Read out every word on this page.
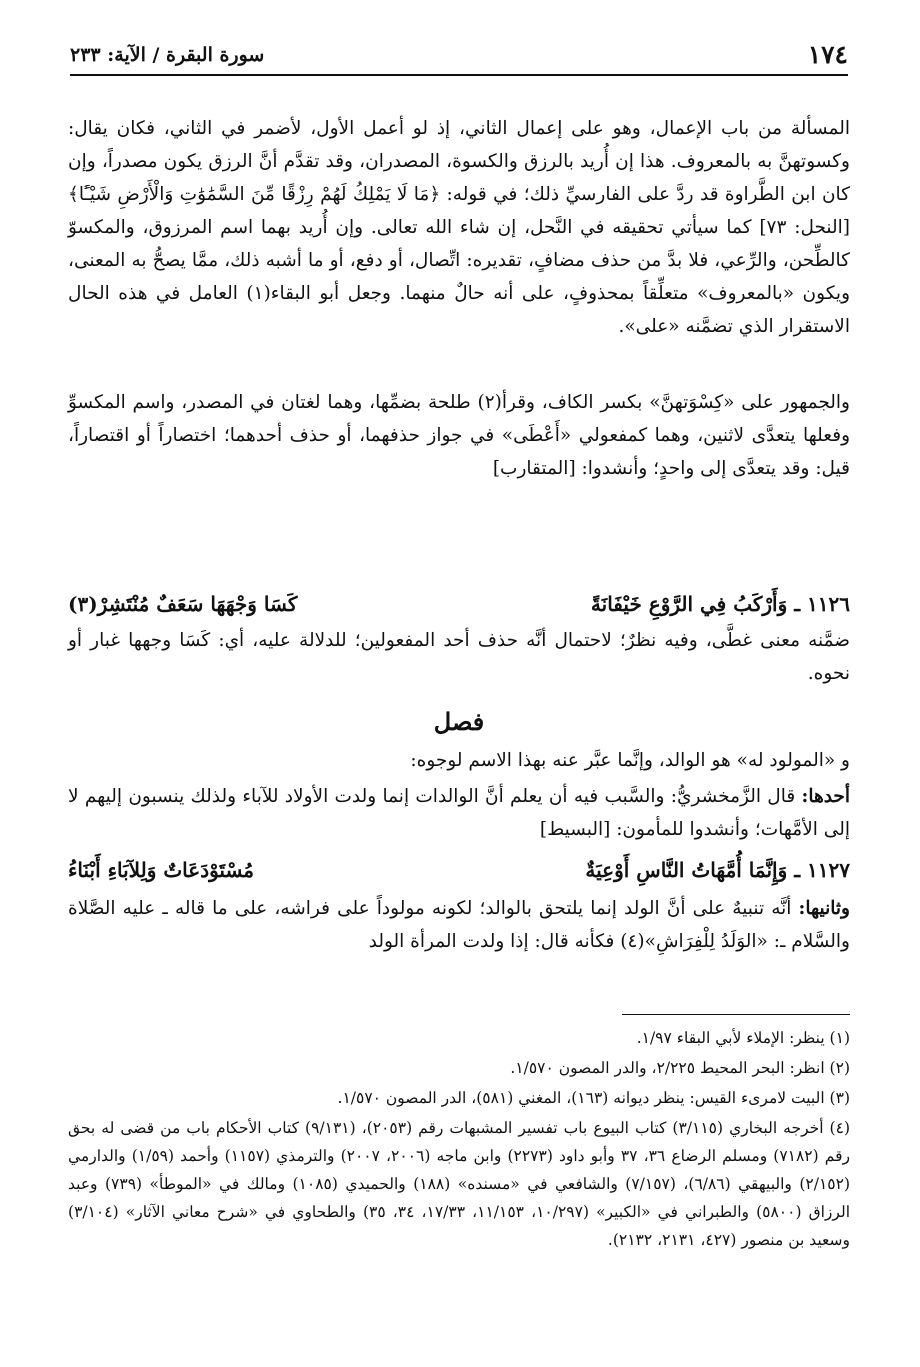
١٧٤
سورة البقرة / الآية: ٢٣٣

المسألة من باب الإعمال، وهو على إعمال الثاني، إذ لو أعمل الأول، لأضمر في الثاني، فكان يقال: وكسوتهنَّ به بالمعروف. هذا إن أُريد بالرزق والكسوة، المصدران، وقد تقدَّم أنَّ الرزق يكون مصدراً، وإن كان ابن الطَّراوة قد ردَّ على الفارسيِّ ذلك؛ في قوله: ﴿مَا لَا يَمْلِكُ لَهُمْ رِزْقًا مِّنَ السَّمَٰوَٰتِ وَالْأَرْضِ شَيْـًٔا﴾ [النحل: ٧٣] كما سيأتي تحقيقه في النَّحل، إن شاء الله تعالى. وإن أُريد بهما اسم المرزوق، والمكسوّ كالطِّحن، والرِّعي، فلا بدَّ من حذف مضافٍ، تقديره: اتِّصال، أو دفع، أو ما أشبه ذلك، ممَّا يصحُّ به المعنى، ويكون «بالمعروف» متعلِّقاً بمحذوفٍ، على أنه حالٌ منهما. وجعل أبو البقاء(١) العامل في هذه الحال الاستقرار الذي تضمَّنه «على».

والجمهور على «كِسْوَتهنَّ» بكسر الكاف، وقرأ(٢) طلحة بضمِّها، وهما لغتان في المصدر، واسم المكسوِّ وفعلها يتعدَّى لاثنين، وهما كمفعولي «أَعْطَى» في جواز حذفهما، أو حذف أحدهما؛ اختصاراً أو اقتصاراً، قيل: وقد يتعدَّى إلى واحدٍ؛ وأنشدوا: [المتقارب]

١١٢٦ ـ وَأَرْكَبُ فِي الرَّوْعِ خَيْفَانَةً
كَسَا وَجْهَهَا سَعَفٌ مُنْتَشِرْ(٣)

ضمَّنه معنى غطَّى، وفيه نظرٌ؛ لاحتمال أنَّه حذف أحد المفعولين؛ للدلالة عليه، أي: كَسَا وجهها غبار أو نحوه.

فصل

و «المولود له» هو الوالد، وإنَّما عبَّر عنه بهذا الاسم لوجوه:

أحدها: قال الزَّمخشريُّ: والسَّبب فيه أن يعلم أنَّ الوالدات إنما ولدت الأولاد للآباء ولذلك ينسبون إليهم لا إلى الأمَّهات؛ وأنشدوا للمأمون: [البسيط]

١١٢٧ ـ وَإِنَّمَا أُمَّهَاتُ النَّاسِ أَوْعِيَةٌ
مُسْتَوْدَعَاتٌ وَلِلآبَاءِ أَبْنَاءُ

وثانيها: أنَّه تنبيهٌ على أنَّ الولد إنما يلتحق بالوالد؛ لكونه مولوداً على فراشه، على ما قاله ـ عليه الصَّلاة والسَّلام ـ: «الوَلَدُ لِلْفِرَاشِ»(٤) فكأنه قال: إذا ولدت المرأة الولد

(١) ينظر: الإملاء لأبي البقاء ١/٩٧.

(٢) انظر: البحر المحيط ٢/٢٢٥، والدر المصون ١/٥٧٠.

(٣) البيت لامرىء القيس: ينظر ديوانه (١٦٣)، المغني (٥٨١)، الدر المصون ١/٥٧٠.

(٤) أخرجه البخاري (٣/١١٥) كتاب البيوع باب تفسير المشبهات رقم (٢٠٥٣)، (٩/١٣١) كتاب الأحكام باب من قضى له بحق رقم (٧١٨٢) ومسلم الرضاع ٣٦، ٣٧ وأبو داود (٢٢٧٣) وابن ماجه (٢٠٠٦، ٢٠٠٧) والترمذي (١١٥٧) وأحمد (١/٥٩) والدارمي (٢/١٥٢) والبيهقي (٦/٨٦)، (٧/١٥٧) والشافعي في «مسنده» (١٨٨) والحميدي (١٠٨٥) ومالك في «الموطأ» (٧٣٩) وعبد الرزاق (٥٨٠٠) والطبراني في «الكبير» (١٠/٢٩٧، ١١/١٥٣، ١٧/٣٣، ٣٤، ٣٥) والطحاوي في «شرح معاني الآثار» (٣/١٠٤) وسعيد بن منصور (٤٢٧، ٢١٣١، ٢١٣٢).
